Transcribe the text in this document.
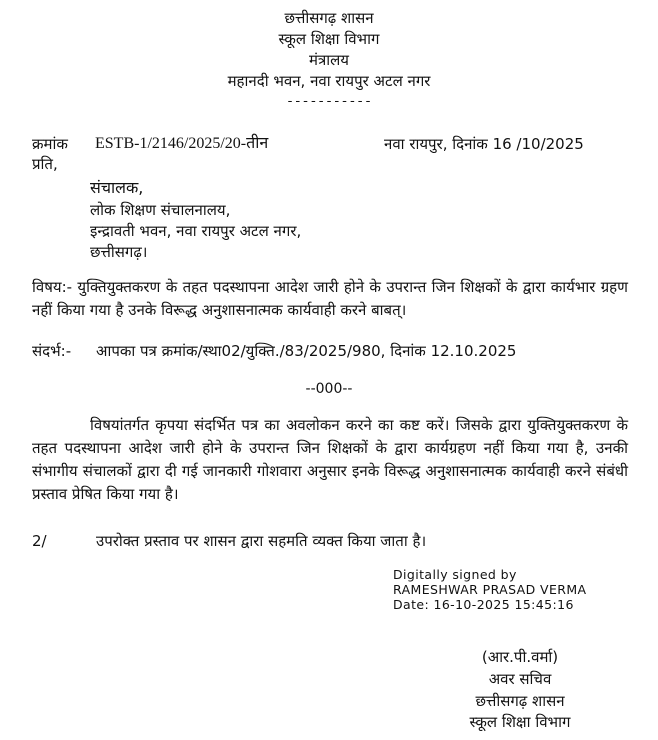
छत्तीसगढ़ शासन
स्कूल शिक्षा विभाग
मंत्रालय
महानदी भवन, नवा रायपुर अटल नगर
-----------
क्रमांक ESTB-1/2146/2025/20-तीन	नवा रायपुर, दिनांक 16 /10/2025
प्रति,
संचालक,
लोक शिक्षण संचालनालय,
इन्द्रावती भवन, नवा रायपुर अटल नगर,
छत्तीसगढ़।
विषय:- युक्तियुक्तकरण के तहत पदस्थापना आदेश जारी होने के उपरान्त जिन शिक्षकों के द्वारा कार्यभार ग्रहण नहीं किया गया है उनके विरूद्ध अनुशासनात्मक कार्यवाही करने बाबत्।
संदर्भ:- आपका पत्र क्रमांक/स्था02/युक्ति./83/2025/980, दिनांक 12.10.2025
--000--
विषयांतर्गत कृपया संदर्भित पत्र का अवलोकन करने का कष्ट करें। जिसके द्वारा युक्तियुक्तकरण के तहत पदस्थापना आदेश जारी होने के उपरान्त जिन शिक्षकों के द्वारा कार्यग्रहण नहीं किया गया है, उनकी संभागीय संचालकों द्वारा दी गई जानकारी गोशवारा अनुसार इनके विरूद्ध अनुशासनात्मक कार्यवाही करने संबंधी प्रस्ताव प्रेषित किया गया है।
2/	उपरोक्त प्रस्ताव पर शासन द्वारा सहमति व्यक्त किया जाता है।
Digitally signed by
RAMESHWAR PRASAD VERMA
Date: 16-10-2025 15:45:16
(आर.पी.वर्मा)
अवर सचिव
छत्तीसगढ़ शासन
स्कूल शिक्षा विभाग
